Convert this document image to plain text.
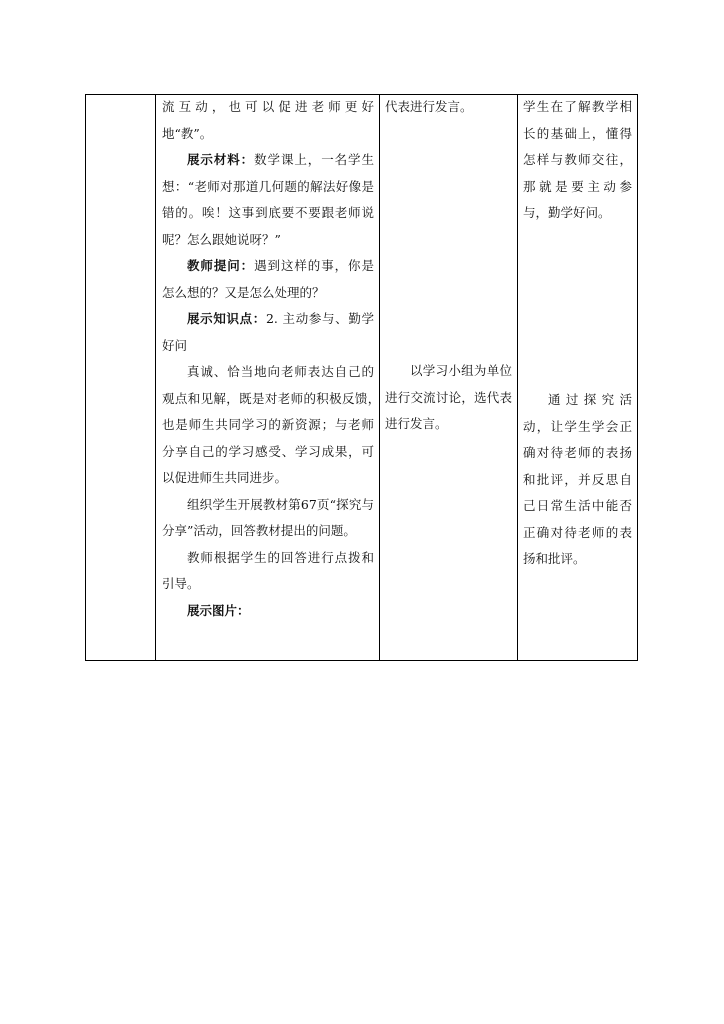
流互动，也可以促进老师更好地“教”。

展示材料：数学课上，一名学生想：“老师对那道几何题的解法好像是错的。唉！这事到底要不要跟老师说呢？怎么跟她说呀？”

教师提问：遇到这样的事，你是怎么想的？又是怎么处理的？

展示知识点：2. 主动参与、勤学好问

真诚、恰当地向老师表达自己的观点和见解，既是对老师的积极反馈，　也是师生共同学习的新资源；与老师分享自己的学习感受、学习成果，可以促进师生共同进步。

组织学生开展教材第67页“探究与分享”活动，回答教材提出的问题。

教师根据学生的回答进行点拨和引导。

展示图片：

代表进行发言。
以学习小组为单位进行交流讨论，选代表进行发言。
学生在了解教学相长的基础上，懂得怎样与教师交往，那就是要主动参与，勤学好问。
通过探究活动，让学生学会正确对待老师的表扬和批评，并反思自己日常生活中能否正确对待老师的表扬和批评。
